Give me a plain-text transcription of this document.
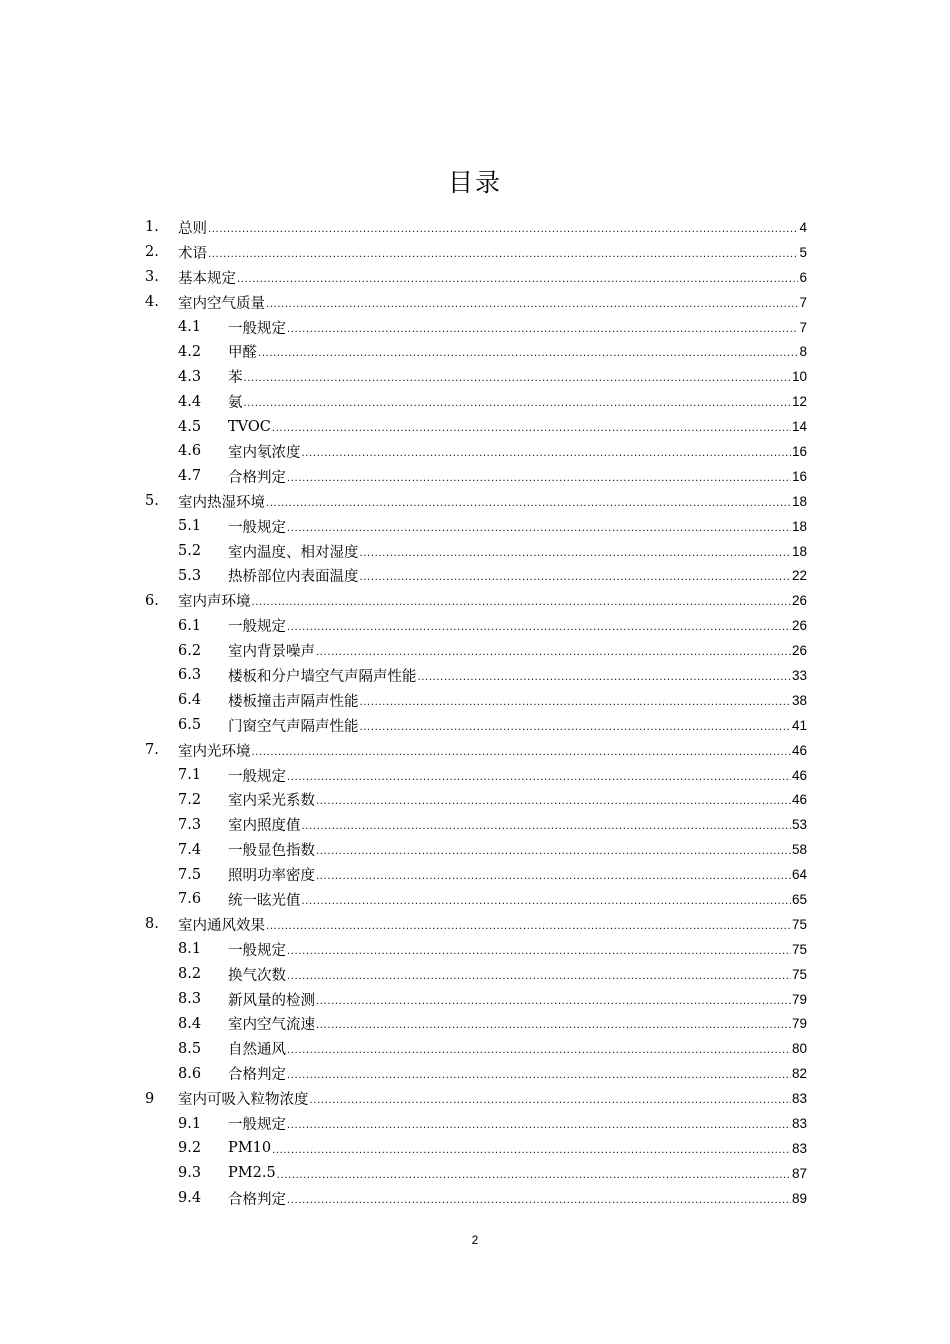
目录
1.	总则 .....	4
2.	术语 .....	5
3.	基本规定 .....	6
4.	室内空气质量 .....	7
4.1	一般规定 .....	7
4.2	甲醛 .....	8
4.3	苯 .....	10
4.4	氨 .....	12
4.5	TVOC .....	14
4.6	室内氡浓度 .....	16
4.7	合格判定 .....	16
5.	室内热湿环境 .....	18
5.1	一般规定 .....	18
5.2	室内温度、相对湿度 .....	18
5.3	热桥部位内表面温度 .....	22
6.	室内声环境 .....	26
6.1	一般规定 .....	26
6.2	室内背景噪声 .....	26
6.3	楼板和分户墙空气声隔声性能 .....	33
6.4	楼板撞击声隔声性能 .....	38
6.5	门窗空气声隔声性能 .....	41
7.	室内光环境 .....	46
7.1	一般规定 .....	46
7.2	室内采光系数 .....	46
7.3	室内照度值 .....	53
7.4	一般显色指数 .....	58
7.5	照明功率密度 .....	64
7.6	统一眩光值 .....	65
8.	室内通风效果 .....	75
8.1	一般规定 .....	75
8.2	换气次数 .....	75
8.3	新风量的检测 .....	79
8.4	室内空气流速 .....	79
8.5	自然通风 .....	80
8.6	合格判定 .....	82
9	室内可吸入粒物浓度 .....	83
9.1	一般规定 .....	83
9.2	PM10 .....	83
9.3	PM2.5 .....	87
9.4	合格判定 .....	89
2
